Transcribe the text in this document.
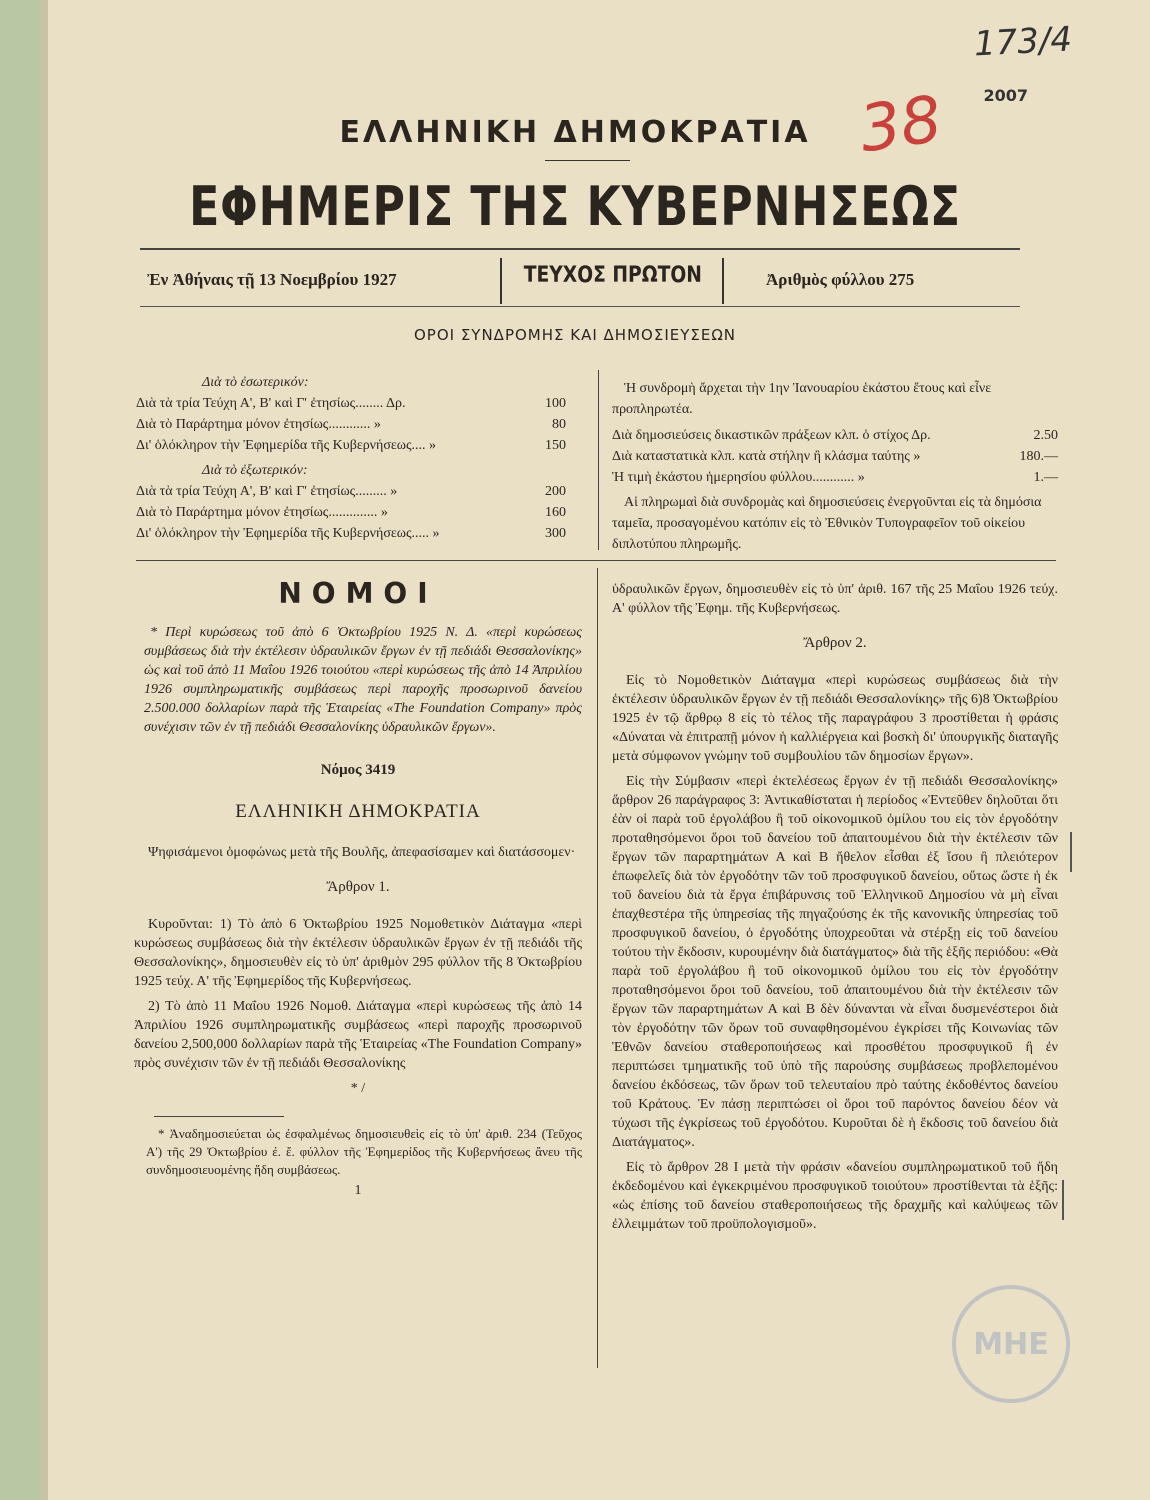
173/4
2007
38
ΕΛΛΗΝΙΚΗ ΔΗΜΟΚΡΑΤΙΑ
ΕΦΗΜΕΡΙΣ ΤΗΣ ΚΥΒΕΡΝΗΣΕΩΣ
Ἐν Ἀθήναις τῇ 13 Νοεμβρίου 1927	ΤΕΥΧΟΣ ΠΡΩΤΟΝ	Ἀριθμὸς φύλλου 275
ΟΡΟΙ ΣΥΝΔΡΟΜΗΣ ΚΑΙ ΔΗΜΟΣΙΕΥΣΕΩΝ
Διὰ τὸ ἐσωτερικόν:
Διὰ τὰ τρία Τεύχη Α', Β' καὶ Γ' ἐτησίως........ Δρ.	100
Διὰ τὸ Παράρτημα μόνον ἐτησίως............ »	80
Δι' ὁλόκληρον τὴν Ἐφημερίδα τῆς Κυβερνήσεως.... »	150
Διὰ τὸ ἐξωτερικόν:
Διὰ τὰ τρία Τεύχη Α', Β' καὶ Γ' ἐτησίως......... »	200
Διὰ τὸ Παράρτημα μόνον ἐτησίως.............. »	160
Δι' ὁλόκληρον τὴν Ἐφημερίδα τῆς Κυβερνήσεως..... »	300

Ἡ συνδρομὴ ἄρχεται τὴν 1ην Ἰανουαρίου ἑκάστου ἔτους καὶ εἶνε προπληρωτέα.

Διὰ δημοσιεύσεις δικαστικῶν πράξεων κλπ. ὁ στίχος Δρ.	2.50
Διὰ καταστατικὰ κλπ. κατὰ στήλην ἢ κλάσμα ταύτης »	180.—
Ἡ τιμὴ ἑκάστου ἡμερησίου φύλλου............ »	1.—

Αἱ πληρωμαὶ διὰ συνδρομὰς καὶ δημοσιεύσεις ἐνεργοῦνται εἰς τὰ δημόσια ταμεῖα, προσαγομένου κατόπιν εἰς τὸ Ἐθνικὸν Τυπογραφεῖον τοῦ οἰκείου διπλοτύπου πληρωμῆς.

ΝΟΜΟΙ
* Περὶ κυρώσεως τοῦ ἀπὸ 6 Ὀκτωβρίου 1925 Ν. Δ. «περὶ κυρώσεως συμβάσεως διὰ τὴν ἐκτέλεσιν ὑδραυλικῶν ἔργων ἐν τῇ πεδιάδι Θεσσαλονίκης» ὡς καὶ τοῦ ἀπὸ 11 Μαΐου 1926 τοιούτου «περὶ κυρώσεως τῆς ἀπὸ 14 Ἀπριλίου 1926 συμπληρωματικῆς συμβάσεως περὶ παροχῆς προσωρινοῦ δανείου 2.500.000 δολλαρίων παρὰ τῆς Ἑταιρείας «The Foundation Company» πρὸς συνέχισιν τῶν ἐν τῇ πεδιάδι Θεσσαλονίκης ὑδραυλικῶν ἔργων».
Νόμος 3419
ΕΛΛΗΝΙΚΗ ΔΗΜΟΚΡΑΤΙΑ

Ψηφισάμενοι ὁμοφώνως μετὰ τῆς Βουλῆς, ἀπεφασίσαμεν καὶ διατάσσομεν·

Ἄρθρον 1.

Κυροῦνται: 1) Τὸ ἀπὸ 6 Ὀκτωβρίου 1925 Νομοθετικὸν Διάταγμα «περὶ κυρώσεως συμβάσεως διὰ τὴν ἐκτέλεσιν ὑδραυλικῶν ἔργων ἐν τῇ πεδιάδι τῆς Θεσσαλονίκης», δημοσιευθὲν εἰς τὸ ὑπ' ἀριθμὸν 295 φύλλον τῆς 8 Ὀκτωβρίου 1925 τεύχ. Α' τῆς Ἐφημερίδος τῆς Κυβερνήσεως.

2) Τὸ ἀπὸ 11 Μαΐου 1926 Νομοθ. Διάταγμα «περὶ κυρώσεως τῆς ἀπὸ 14 Ἀπριλίου 1926 συμπληρωματικῆς συμβάσεως «περὶ παροχῆς προσωρινοῦ δανείου 2,500,000 δολλαρίων παρὰ τῆς Ἑταιρείας «The Foundation Company» πρὸς συνέχισιν τῶν ἐν τῇ πεδιάδι Θεσσαλονίκης

* /
* Ἀναδημοσιεύεται ὡς ἐσφαλμένως δημοσιευθεὶς εἰς τὸ ὑπ' ἀριθ. 234 (Τεῦχος Α') τῆς 29 Ὀκτωβρίου ἐ. ἔ. φύλλον τῆς Ἐφημερίδος τῆς Κυβερνήσεως ἄνευ τῆς συνδημοσιευομένης ἤδη συμβάσεως.
1

ὑδραυλικῶν ἔργων, δημοσιευθὲν εἰς τὸ ὑπ' ἀριθ. 167 τῆς 25 Μαΐου 1926 τεύχ. Α' φύλλον τῆς Ἐφημ. τῆς Κυβερνήσεως.

Ἄρθρον 2.

Εἰς τὸ Νομοθετικὸν Διάταγμα «περὶ κυρώσεως συμβάσεως διὰ τὴν ἐκτέλεσιν ὑδραυλικῶν ἔργων ἐν τῇ πεδιάδι Θεσσαλονίκης» τῆς 6)8 Ὀκτωβρίου 1925 ἐν τῷ ἄρθρῳ 8 εἰς τὸ τέλος τῆς παραγράφου 3 προστίθεται ἡ φράσις «Δύναται νὰ ἐπιτραπῇ μόνον ἡ καλλιέργεια καὶ βοσκὴ δι' ὑπουργικῆς διαταγῆς μετὰ σύμφωνον γνώμην τοῦ συμβουλίου τῶν δημοσίων ἔργων».

Εἰς τὴν Σύμβασιν «περὶ ἐκτελέσεως ἔργων ἐν τῇ πεδιάδι Θεσσαλονίκης» ἄρθρον 26 παράγραφος 3: Ἀντικαθίσταται ἡ περίοδος «Ἐντεῦθεν δηλοῦται ὅτι ἐὰν οἱ παρὰ τοῦ ἐργολάβου ἢ τοῦ οἰκονομικοῦ ὁμίλου του εἰς τὸν ἐργοδότην προταθησόμενοι ὅροι τοῦ δανείου τοῦ ἀπαιτουμένου διὰ τὴν ἐκτέλεσιν τῶν ἔργων τῶν παραρτημάτων Α καὶ Β ἤθελον εἶσθαι ἐξ ἴσου ἢ πλειότερον ἐπωφελεῖς διὰ τὸν ἐργοδότην τῶν τοῦ προσφυγικοῦ δανείου, οὕτως ὥστε ἡ ἐκ τοῦ δανείου διὰ τὰ ἔργα ἐπιβάρυνσις τοῦ Ἑλληνικοῦ Δημοσίου νὰ μὴ εἶναι ἐπαχθεστέρα τῆς ὑπηρεσίας τῆς πηγαζούσης ἐκ τῆς κανονικῆς ὑπηρεσίας τοῦ προσφυγικοῦ δανείου, ὁ ἐργοδότης ὑποχρεοῦται νὰ στέρξῃ εἰς τοῦ δανείου τούτου τὴν ἔκδοσιν, κυρουμένην διὰ διατάγματος» διὰ τῆς ἑξῆς περιόδου: «Θὰ παρὰ τοῦ ἐργολάβου ἢ τοῦ οἰκονομικοῦ ὁμίλου του εἰς τὸν ἐργοδότην προταθησόμενοι ὅροι τοῦ δανείου, τοῦ ἀπαιτουμένου διὰ τὴν ἐκτέλεσιν τῶν ἔργων τῶν παραρτημάτων Α καὶ Β δὲν δύνανται νὰ εἶναι δυσμενέστεροι διὰ τὸν ἐργοδότην τῶν ὅρων τοῦ συναφθησομένου ἐγκρίσει τῆς Κοινωνίας τῶν Ἐθνῶν δανείου σταθεροποιήσεως καὶ προσθέτου προσφυγικοῦ ἢ ἐν περιπτώσει τμηματικῆς τοῦ ὑπὸ τῆς παρούσης συμβάσεως προβλεπομένου δανείου ἐκδόσεως, τῶν ὅρων τοῦ τελευταίου πρὸ ταύτης ἐκδοθέντος δανείου τοῦ Κράτους. Ἐν πάσῃ περιπτώσει οἱ ὅροι τοῦ παρόντος δανείου δέον νὰ τύχωσι τῆς ἐγκρίσεως τοῦ ἐργοδότου. Κυροῦται δὲ ἡ ἔκδοσις τοῦ δανείου διὰ Διατάγματος».

Εἰς τὸ ἄρθρον 28 I μετὰ τὴν φράσιν «δανείου συμπληρωματικοῦ τοῦ ἤδη ἐκδεδομένου καὶ ἐγκεκριμένου προσφυγικοῦ τοιούτου» προστίθενται τὰ ἑξῆς: «ὡς ἐπίσης τοῦ δανείου σταθεροποιήσεως τῆς δραχμῆς καὶ καλύψεως τῶν ἐλλειμμάτων τοῦ προϋπολογισμοῦ».

ΜΗΕ
